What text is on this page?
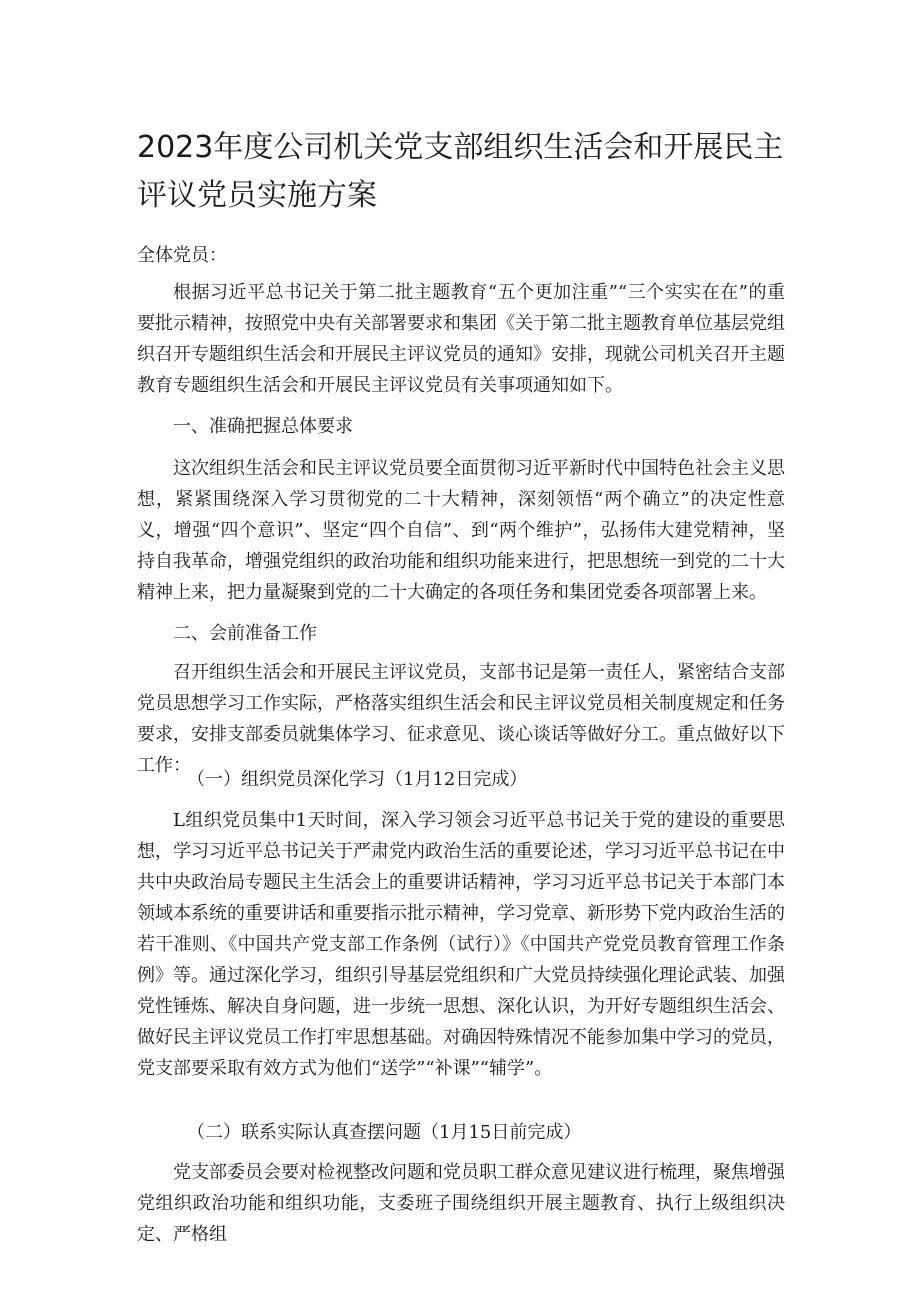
2023年度公司机关党支部组织生活会和开展民主评议党员实施方案

全体党员：

根据习近平总书记关于第二批主题教育“五个更加注重”“三个实实在在”的重要批示精神，按照党中央有关部署要求和集团《关于第二批主题教育单位基层党组织召开专题组织生活会和开展民主评议党员的通知》安排，现就公司机关召开主题教育专题组织生活会和开展民主评议党员有关事项通知如下。

一、准确把握总体要求

这次组织生活会和民主评议党员要全面贯彻习近平新时代中国特色社会主义思想，紧紧围绕深入学习贯彻党的二十大精神，深刻领悟“两个确立”的决定性意义，增强“四个意识”、坚定“四个自信”、到“两个维护”，弘扬伟大建党精神，坚持自我革命，增强党组织的政治功能和组织功能来进行，把思想统一到党的二十大精神上来，把力量凝聚到党的二十大确定的各项任务和集团党委各项部署上来。

二、会前准备工作

召开组织生活会和开展民主评议党员，支部书记是第一责任人，紧密结合支部党员思想学习工作实际，严格落实组织生活会和民主评议党员相关制度规定和任务要求，安排支部委员就集体学习、征求意见、谈心谈话等做好分工。重点做好以下工作：

（一）组织党员深化学习（1月12日完成）

L组织党员集中1天时间，深入学习领会习近平总书记关于党的建设的重要思想，学习习近平总书记关于严肃党内政治生活的重要论述，学习习近平总书记在中共中央政治局专题民主生活会上的重要讲话精神，学习习近平总书记关于本部门本领域本系统的重要讲话和重要指示批示精神，学习党章、新形势下党内政治生活的若干准则、《中国共产党支部工作条例（试行）》《中国共产党党员教育管理工作条例》等。通过深化学习，组织引导基层党组织和广大党员持续强化理论武装、加强党性锤炼、解决自身问题，进一步统一思想、深化认识，为开好专题组织生活会、做好民主评议党员工作打牢思想基础。对确因特殊情况不能参加集中学习的党员，党支部要采取有效方式为他们“送学”“补课”“辅学”。

（二）联系实际认真查摆问题（1月15日前完成）

党支部委员会要对检视整改问题和党员职工群众意见建议进行梳理，聚焦增强党组织政治功能和组织功能，支委班子围绕组织开展主题教育、执行上级组织决定、严格组
